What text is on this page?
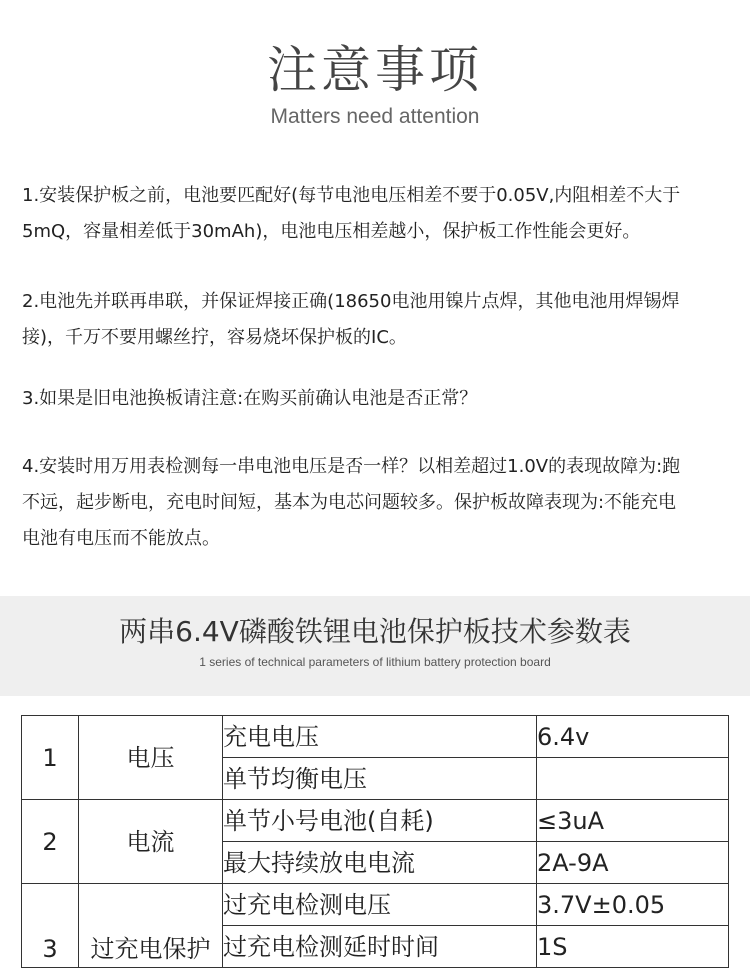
注意事项
Matters need attention
1.安装保护板之前，电池要匹配好(每节电池电压相差不要于0.05V,内阻相差不大于
5mQ，容量相差低于30mAh)，电池电压相差越小，保护板工作性能会更好。
2.电池先并联再串联，并保证焊接正确(18650电池用镍片点焊，其他电池用焊锡焊
接)，千万不要用螺丝拧，容易烧坏保护板的IC。
3.如果是旧电池换板请注意:在购买前确认电池是否正常？
4.安装时用万用表检测每一串电池电压是否一样？以相差超过1.0V的表现故障为:跑
不远，起步断电，充电时间短，基本为电芯问题较多。保护板故障表现为:不能充电
电池有电压而不能放点。
两串6.4V磷酸铁锂电池保护板技术参数表
1 series of technical parameters of lithium battery protection board
1	电压	充电电压	6.4v
		单节均衡电压	
2	电流	单节小号电池(自耗)	≤3uA
		最大持续放电电流	2A-9A
3	过充电保护	过充电检测电压	3.7V±0.05
		过充电检测延时时间	1S
